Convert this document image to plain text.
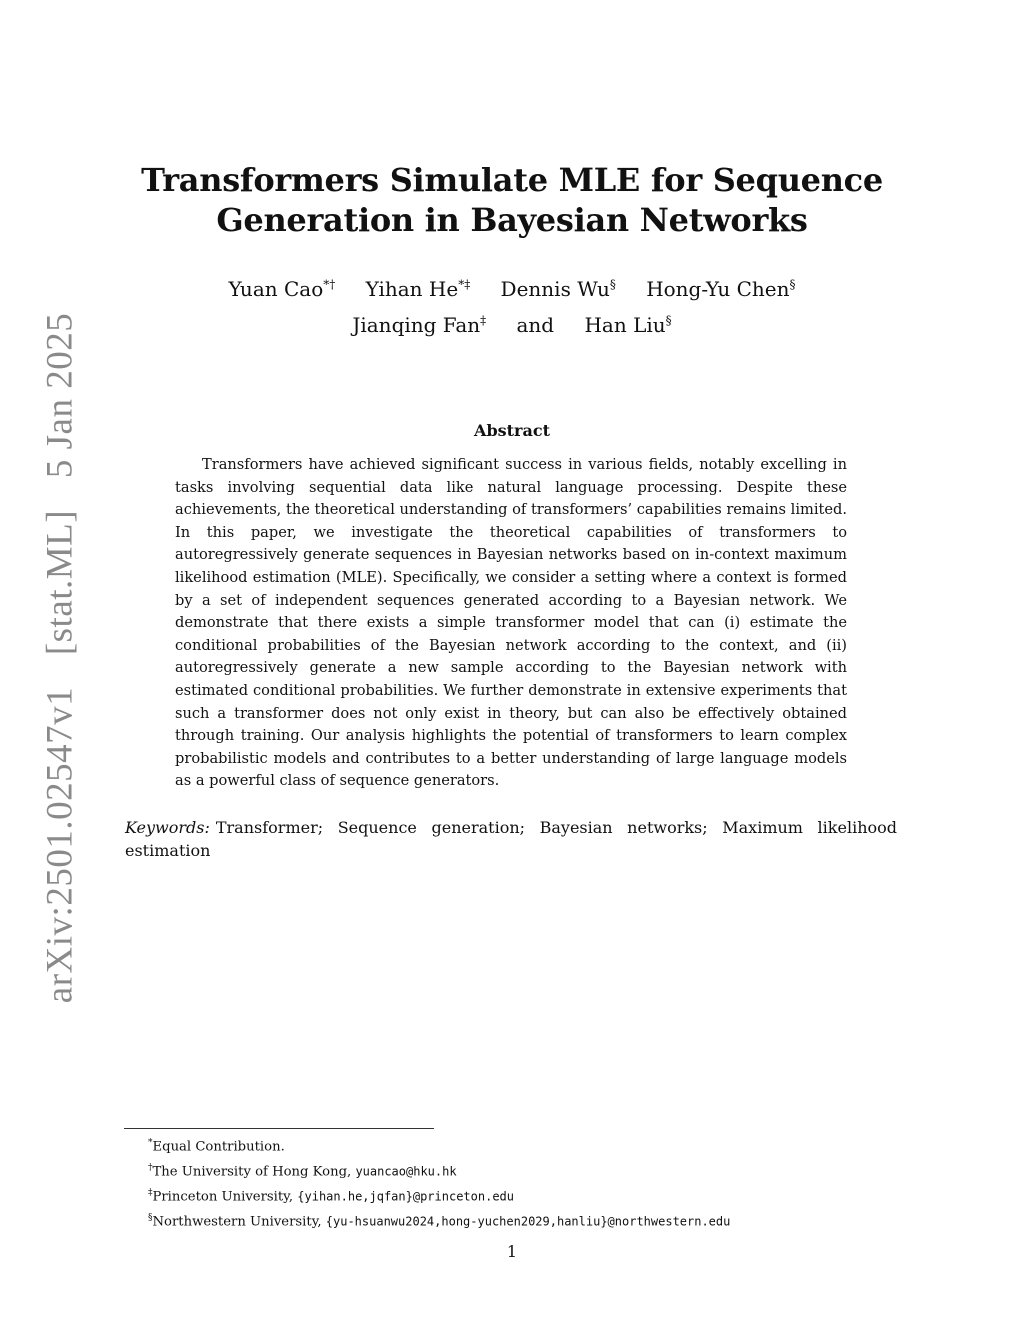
arXiv:2501.02547v1 [stat.ML] 5 Jan 2025
Transformers Simulate MLE for Sequence
Generation in Bayesian Networks
Yuan Cao*† Yihan He*‡ Dennis Wu§ Hong-Yu Chen§
Jianqing Fan‡ and Han Liu§
Abstract

Transformers have achieved significant success in various fields, notably excelling in tasks involving sequential data like natural language processing. Despite these achievements, the theoretical understanding of transformers’ capabilities remains limited. In this paper, we investigate the theoretical capabilities of transformers to autoregressively generate sequences in Bayesian networks based on in-context maximum likelihood estimation (MLE). Specifically, we consider a setting where a context is formed by a set of independent sequences generated according to a Bayesian network. We demonstrate that there exists a simple transformer model that can (i) estimate the conditional probabilities of the Bayesian network according to the context, and (ii) autoregressively generate a new sample according to the Bayesian network with estimated conditional probabilities. We further demonstrate in extensive experiments that such a transformer does not only exist in theory, but can also be effectively obtained through training. Our analysis highlights the potential of transformers to learn complex probabilistic models and contributes to a better understanding of large language models as a powerful class of sequence generators.

Keywords: Transformer; Sequence generation; Bayesian networks; Maximum likelihood estimation
*Equal Contribution.
†The University of Hong Kong, yuancao@hku.hk
‡Princeton University, {yihan.he,jqfan}@princeton.edu
§Northwestern University, {yu-hsuanwu2024,hong-yuchen2029,hanliu}@northwestern.edu
1
